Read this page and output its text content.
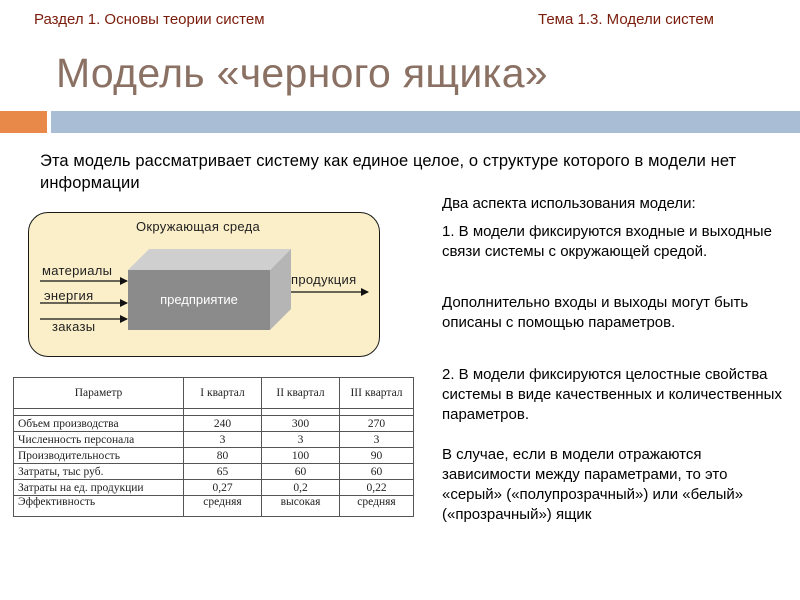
Раздел 1. Основы теории систем	Тема 1.3. Модели систем
Модель «черного ящика»
Эта модель рассматривает систему как единое целое, о структуре которого в модели нет информации
Окружающая среда
предприятие
материалы
энергия
заказы
продукция
Параметр	I квартал	II квартал	III квартал

Объем производства	240	300	270
Численность персонала	3	3	3
Производительность	80	100	90
Затраты, тыс руб.	65	60	60
Затраты на ед. продукции	0,27	0,2	0,22
Эффективность	средняя	высокая	средняя
Два аспекта использования модели:
1. В модели фиксируются входные и выходные связи системы с окружающей средой.
Дополнительно входы и выходы могут быть описаны с помощью параметров.
2. В модели фиксируются целостные свойства системы в виде качественных и количественных параметров.
В случае, если в модели отражаются зависимости между параметрами, то это «серый» («полупрозрачный») или «белый» («прозрачный») ящик
